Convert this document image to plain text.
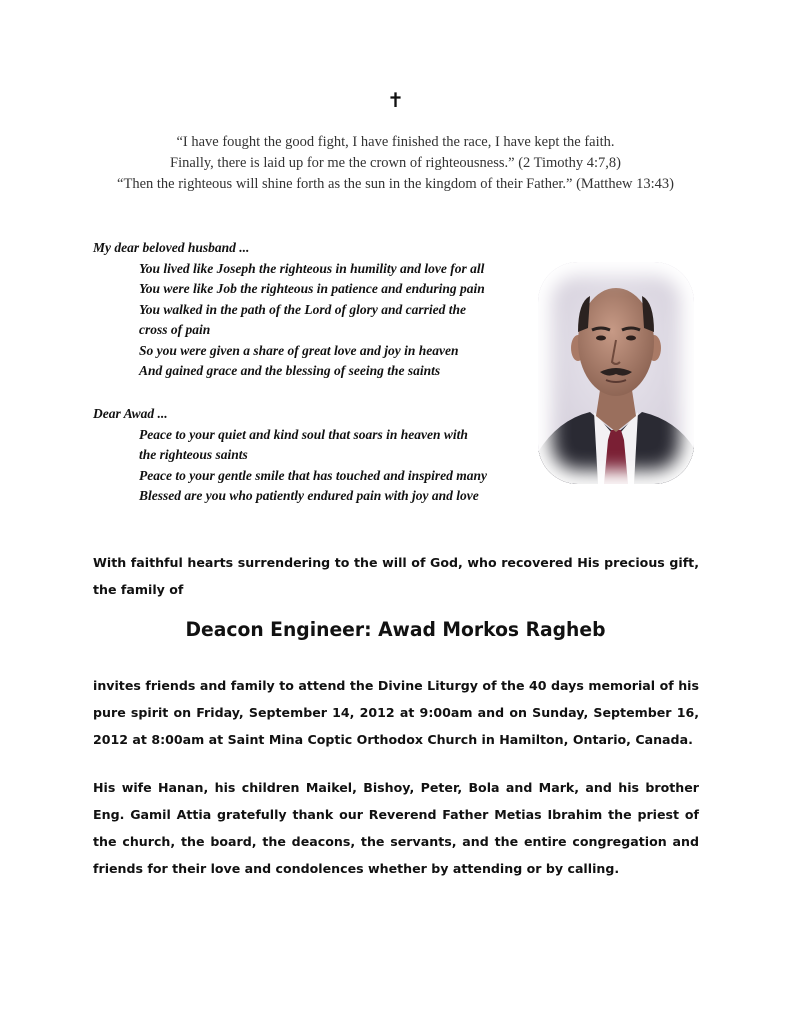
✝
“I have fought the good fight, I have finished the race, I have kept the faith.
Finally, there is laid up for me the crown of righteousness.” (2 Timothy 4:7,8)
“Then the righteous will shine forth as the sun in the kingdom of their Father.” (Matthew 13:43)
My dear beloved husband ...
You lived like Joseph the righteous in humility and love for all
You were like Job the righteous in patience and enduring pain
You walked in the path of the Lord of glory and carried the
cross of pain
So you were given a share of great love and joy in heaven
And gained grace and the blessing of seeing the saints
Dear Awad ...
Peace to your quiet and kind soul that soars in heaven with
the righteous saints
Peace to your gentle smile that has touched and inspired many
Blessed are you who patiently endured pain with joy and love
With faithful hearts surrendering to the will of God, who recovered His precious gift, the family of
Deacon Engineer: Awad Morkos Ragheb
invites friends and family to attend the Divine Liturgy of the 40 days memorial of his pure spirit on Friday, September 14, 2012 at 9:00am and on Sunday, September 16, 2012 at 8:00am at Saint Mina Coptic Orthodox Church in Hamilton, Ontario, Canada.
His wife Hanan, his children Maikel, Bishoy, Peter, Bola and Mark, and his brother Eng. Gamil Attia gratefully thank our Reverend Father Metias Ibrahim the priest of the church, the board, the deacons, the servants, and the entire congregation and friends for their love and condolences whether by attending or by calling.
